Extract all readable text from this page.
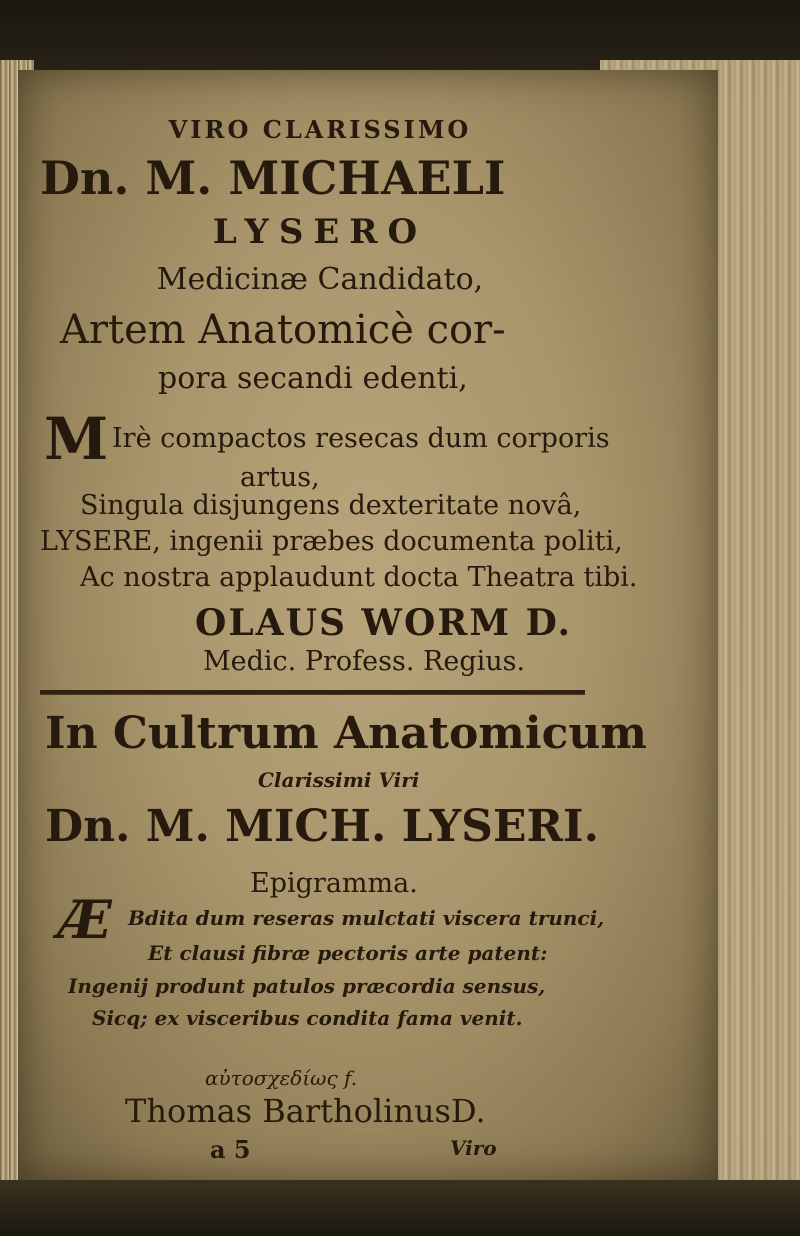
VIRO CLARISSIMO
Dn. M. MICHAELI
LYSERO
Medicinæ Candidato,
Artem Anatomicè cor-
pora secandi edenti,
M Irè compactos resecas dum corporis
artus,
Singula disjungens dexteritate novâ,
LYSERE, ingenii præbes documenta politi,
Ac nostra applaudunt docta Theatra tibi.
OLAUS WORM D.
Medic. Profess. Regius.
In Cultrum Anatomicum
Clarissimi Viri
Dn. M. MICH. LYSERI.
Epigramma.
Æ Bdita dum reseras mulctati viscera trunci,
Et clausi fibræ pectoris arte patent:
Ingenij produnt patulos præcordia sensus,
Sicq; ex visceribus condita fama venit.
αὐτοσχεδίως f.
Thomas BartholinusD.
a 5	Viro
